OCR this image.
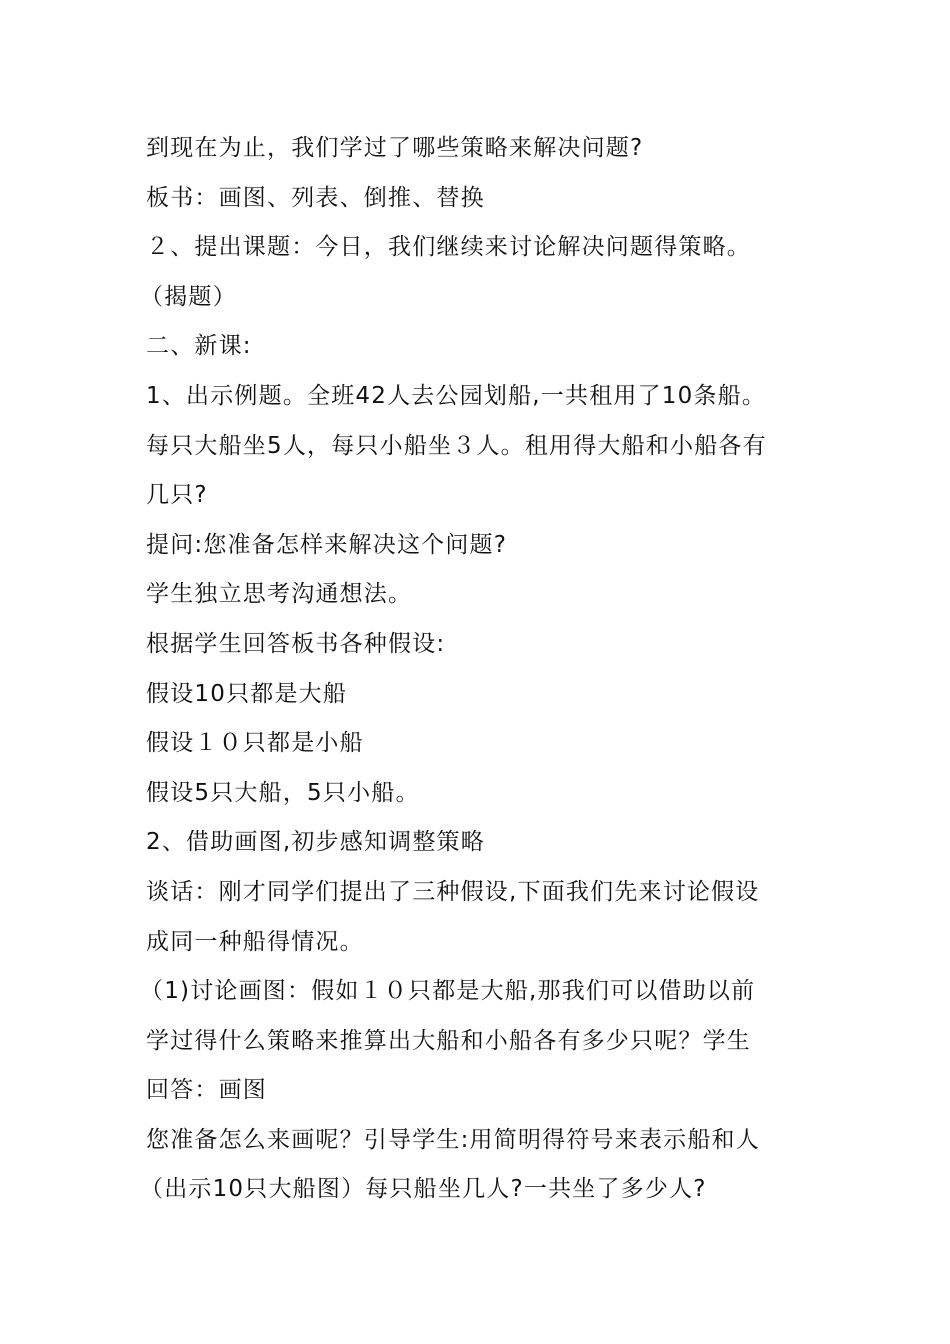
到现在为止，我们学过了哪些策略来解决问题?
板书：画图、列表、倒推、替换
２、提出课题：今日，我们继续来讨论解决问题得策略。
（揭题）
二、新课:
1、出示例题。全班42人去公园划船,一共租用了10条船。
每只大船坐5人，每只小船坐３人。租用得大船和小船各有
几只?
提问:您准备怎样来解决这个问题?
学生独立思考沟通想法。
根据学生回答板书各种假设:
假设10只都是大船
假设１０只都是小船
假设5只大船，5只小船。
2、借助画图,初步感知调整策略
谈话：刚才同学们提出了三种假设,下面我们先来讨论假设
成同一种船得情况。
（1)讨论画图：假如１０只都是大船,那我们可以借助以前
学过得什么策略来推算出大船和小船各有多少只呢？学生
回答：画图
您准备怎么来画呢？引导学生:用简明得符号来表示船和人
（出示10只大船图）每只船坐几人?一共坐了多少人?
